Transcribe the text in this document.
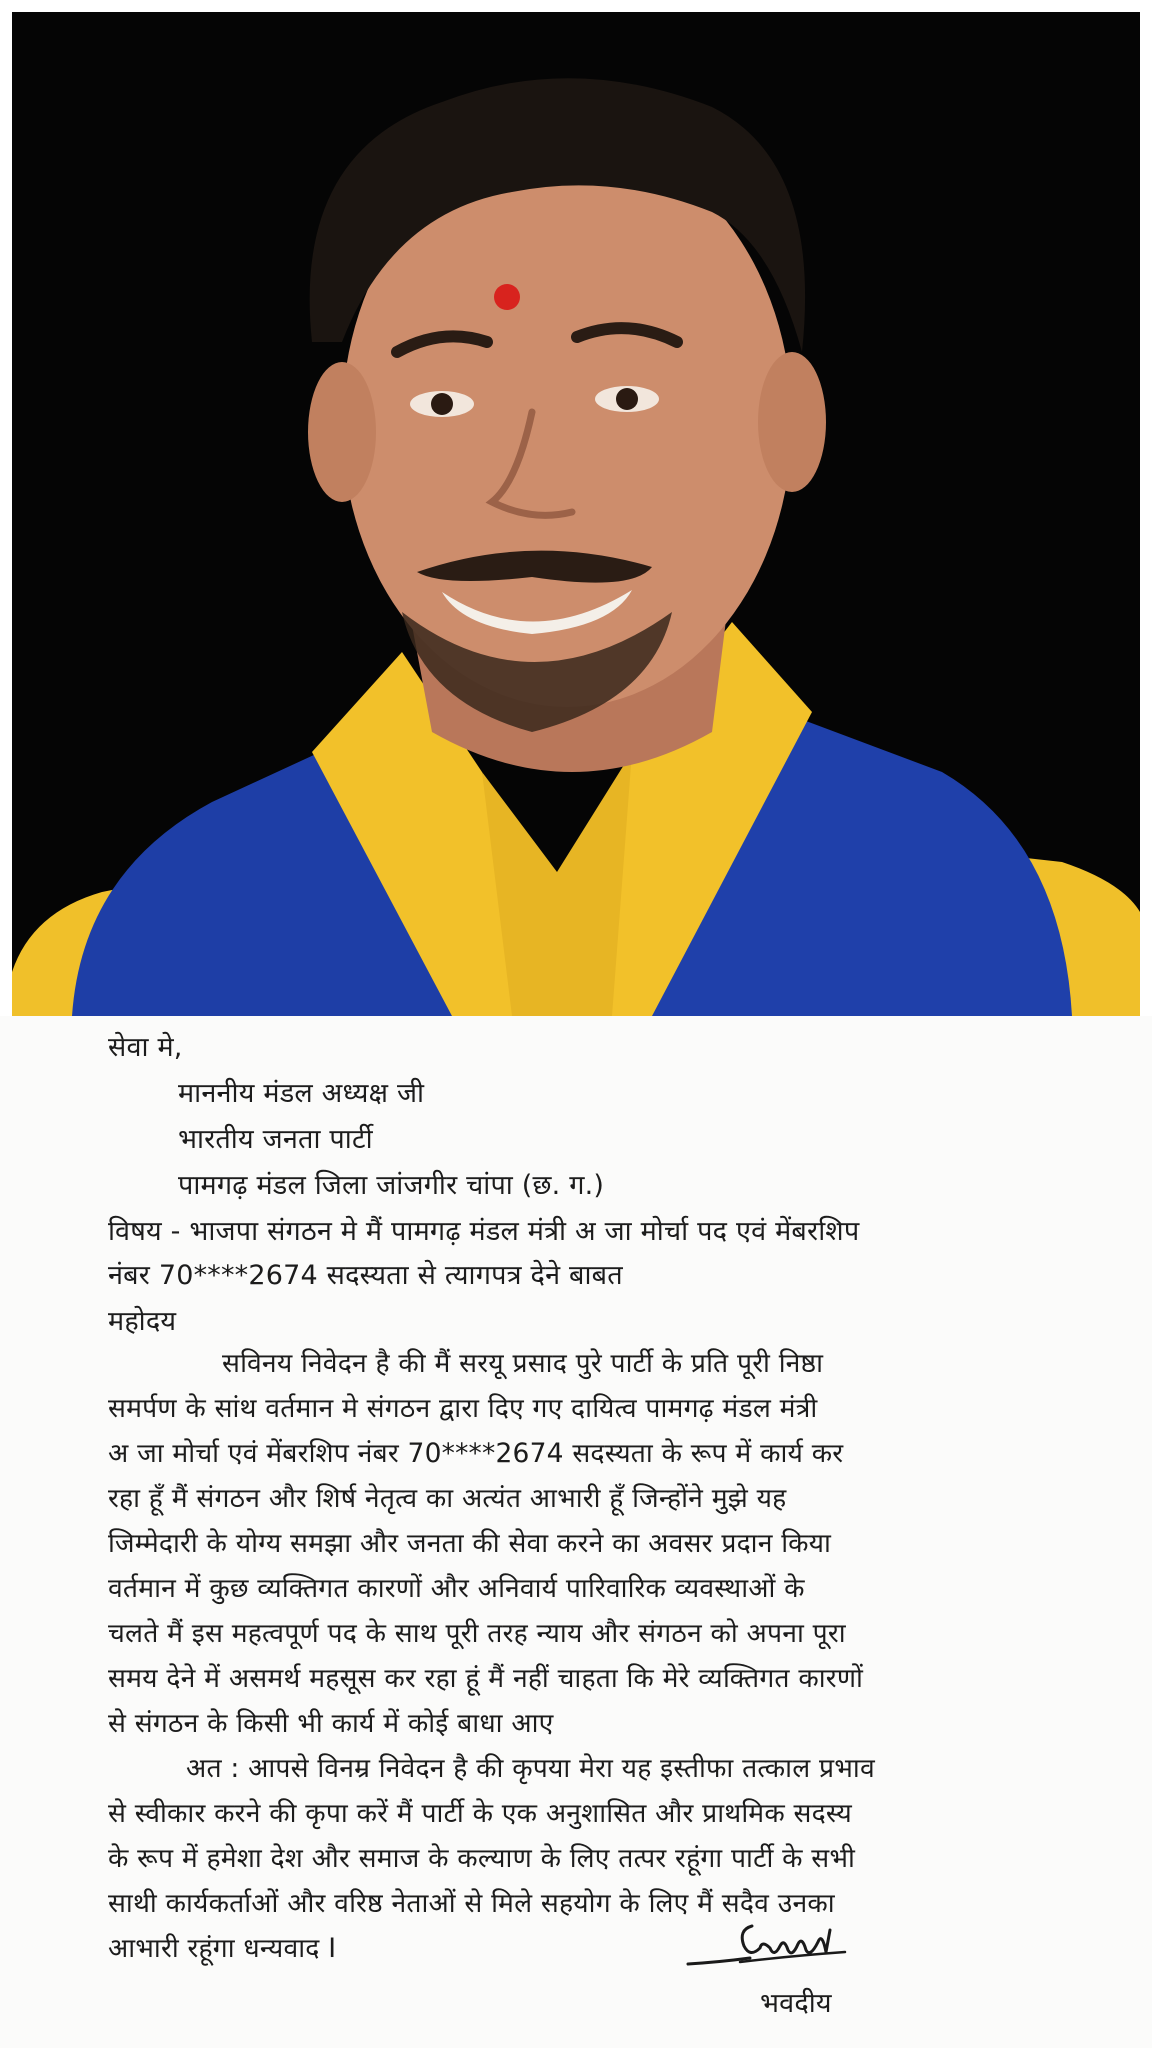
सेवा मे,
माननीय मंडल अध्यक्ष जी
भारतीय जनता पार्टी
पामगढ़ मंडल जिला जांजगीर चांपा (छ. ग.)
विषय - भाजपा संगठन मे मैं पामगढ़ मंडल मंत्री अ जा मोर्चा पद एवं मेंबरशिप
नंबर 70****2674 सदस्यता से त्यागपत्र देने बाबत
महोदय
सविनय निवेदन है की मैं सरयू प्रसाद पुरे पार्टी के प्रति पूरी निष्ठा
समर्पण के सांथ वर्तमान मे संगठन द्वारा दिए गए दायित्व पामगढ़ मंडल मंत्री
अ जा मोर्चा एवं मेंबरशिप नंबर 70****2674 सदस्यता के रूप में कार्य कर
रहा हूँ मैं संगठन और शिर्ष नेतृत्व का अत्यंत आभारी हूँ जिन्होंने मुझे यह
जिम्मेदारी के योग्य समझा और जनता की सेवा करने का अवसर प्रदान किया
वर्तमान में कुछ व्यक्तिगत कारणों और अनिवार्य पारिवारिक व्यवस्थाओं के
चलते मैं इस महत्वपूर्ण पद के साथ पूरी तरह न्याय और संगठन को अपना पूरा
समय देने में असमर्थ महसूस कर रहा हूं मैं नहीं चाहता कि मेरे व्यक्तिगत कारणों
से संगठन के किसी भी कार्य में कोई बाधा आए
अत : आपसे विनम्र निवेदन है की कृपया मेरा यह इस्तीफा तत्काल प्रभाव
से स्वीकार करने की कृपा करें मैं पार्टी के एक अनुशासित और प्राथमिक सदस्य
के रूप में हमेशा देश और समाज के कल्याण के लिए तत्पर रहूंगा पार्टी के सभी
साथी कार्यकर्ताओं और वरिष्ठ नेताओं से मिले सहयोग के लिए मैं सदैव उनका
आभारी रहूंगा धन्यवाद I
भवदीय
